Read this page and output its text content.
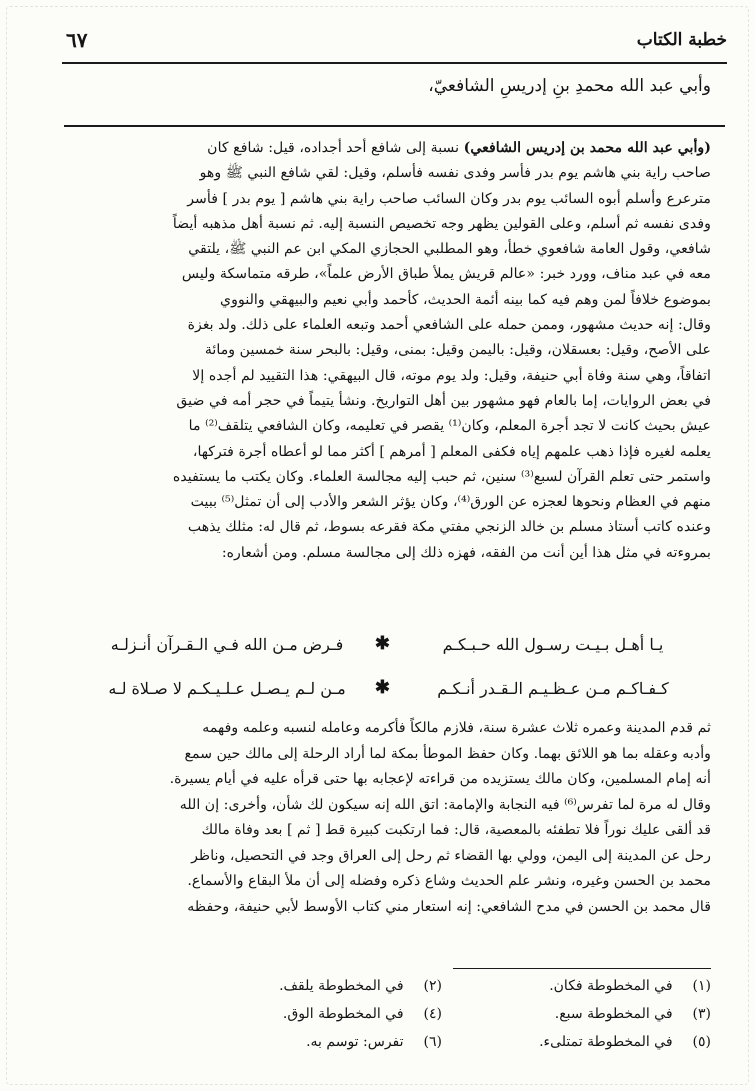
خطبة الكتاب
٦٧
وأبي عبد الله محمدِ بنِ إدريسِ الشافعيّ،

(وأبي عبد الله محمد بن إدريس الشافعي) نسبة إلى شافع أحد أجداده، قيل: شافع كان

صاحب راية بني هاشم يوم بدر فأسر وفدى نفسه فأسلم، وقيل: لقي شافع النبي ﷺ وهو

مترعرع وأسلم أبوه السائب يوم بدر وكان السائب صاحب راية بني هاشم [ يوم بدر ] فأسر

وفدى نفسه ثم أسلم، وعلى القولين يظهر وجه تخصيص النسبة إليه. ثم نسبة أهل مذهبه أيضاً

شافعي، وقول العامة شافعوي خطأ، وهو المطلبي الحجازي المكي ابن عم النبي ﷺ، يلتقي

معه في عبد مناف، وورد خبر: «عالم قريش يملأ طباق الأرض علماً»، طرقه متماسكة وليس

بموضوع خلافاً لمن وهم فيه كما بينه أئمة الحديث، كأحمد وأبي نعيم والبيهقي والنووي

وقال: إنه حديث مشهور، وممن حمله على الشافعي أحمد وتبعه العلماء على ذلك. ولد بغزة

على الأصح، وقيل: بعسقلان، وقيل: باليمن وقيل: بمنى، وقيل: بالبحر سنة خمسين ومائة

اتفاقاً، وهي سنة وفاة أبي حنيفة، وقيل: ولد يوم موته، قال البيهقي: هذا التقييد لم أجده إلا

في بعض الروايات، إما بالعام فهو مشهور بين أهل التواريخ. ونشأ يتيماً في حجر أمه في ضيق

عيش بحيث كانت لا تجد أجرة المعلم، وكان⁽¹⁾ يقصر في تعليمه، وكان الشافعي يتلقف⁽²⁾ ما

يعلمه لغيره فإذا ذهب علمهم إياه فكفى المعلم [ أمرهم ] أكثر مما لو أعطاه أجرة فتركها،

واستمر حتى تعلم القرآن لسبع⁽³⁾ سنين، ثم حبب إليه مجالسة العلماء. وكان يكتب ما يستفيده

منهم في العظام ونحوها لعجزه عن الورق⁽⁴⁾، وكان يؤثر الشعر والأدب إلى أن تمثل⁽⁵⁾ ببيت

وعنده كاتب أستاذ مسلم بن خالد الزنجي مفتي مكة فقرعه بسوط، ثم قال له: مثلك يذهب

بمروءته في مثل هذا أين أنت من الفقه، فهزه ذلك إلى مجالسة مسلم. ومن أشعاره:

يـا أهـل بـيـت رسـول الله حـبـكـم
✱
فـرض مـن الله فـي الـقـرآن أنـزلـه
كـفـاكـم مـن عـظـيـم الـقـدر أنـكـم
✱
مـن لـم يـصـل عـلـيـكـم لا صـلاة لـه

ثم قدم المدينة وعمره ثلاث عشرة سنة، فلازم مالكاً فأكرمه وعامله لنسبه وعلمه وفهمه

وأدبه وعقله بما هو اللائق بهما. وكان حفظ الموطأ بمكة لما أراد الرحلة إلى مالك حين سمع

أنه إمام المسلمين، وكان مالك يستزيده من قراءته لإعجابه بها حتى قرأه عليه في أيام يسيرة.

وقال له مرة لما تفرس⁽⁶⁾ فيه النجابة والإمامة: اتق الله إنه سيكون لك شأن، وأخرى: إن الله

قد ألقى عليك نوراً فلا تطفئه بالمعصية، قال: فما ارتكبت كبيرة قط [ ثم ] بعد وفاة مالك

رحل عن المدينة إلى اليمن، وولي بها القضاء ثم رحل إلى العراق وجد في التحصيل، وناظر

محمد بن الحسن وغيره، ونشر علم الحديث وشاع ذكره وفضله إلى أن ملأ البقاع والأسماع.

قال محمد بن الحسن في مدح الشافعي: إنه استعار مني كتاب الأوسط لأبي حنيفة، وحفظه

(١) في المخطوطة فكان.
(٢) في المخطوطة يلقف.
(٣) في المخطوطة سبع.
(٤) في المخطوطة الوق.
(٥) في المخطوطة تمتلىء.
(٦) تفرس: توسم به.
